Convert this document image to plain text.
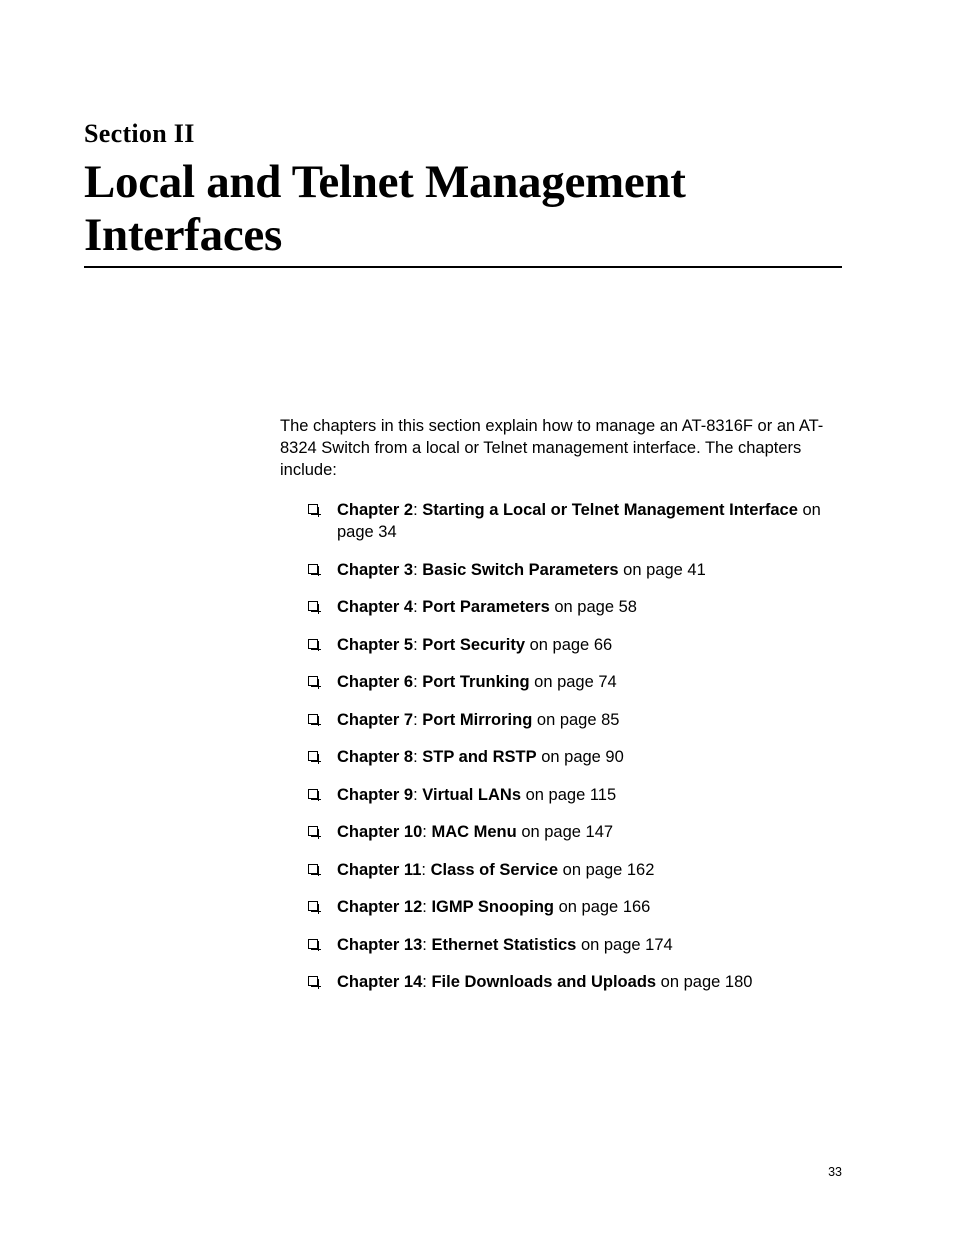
Section II
Local and Telnet Management Interfaces

The chapters in this section explain how to manage an AT-8316F or an AT-8324 Switch from a local or Telnet management interface. The chapters include:

Chapter 2: Starting a Local or Telnet Management Interface on page 34
Chapter 3: Basic Switch Parameters on page 41
Chapter 4: Port Parameters on page 58
Chapter 5: Port Security on page 66
Chapter 6: Port Trunking on page 74
Chapter 7: Port Mirroring on page 85
Chapter 8: STP and RSTP on page 90
Chapter 9: Virtual LANs on page 115
Chapter 10: MAC Menu on page 147
Chapter 11: Class of Service on page 162
Chapter 12: IGMP Snooping on page 166
Chapter 13: Ethernet Statistics on page 174
Chapter 14: File Downloads and Uploads on page 180
33
